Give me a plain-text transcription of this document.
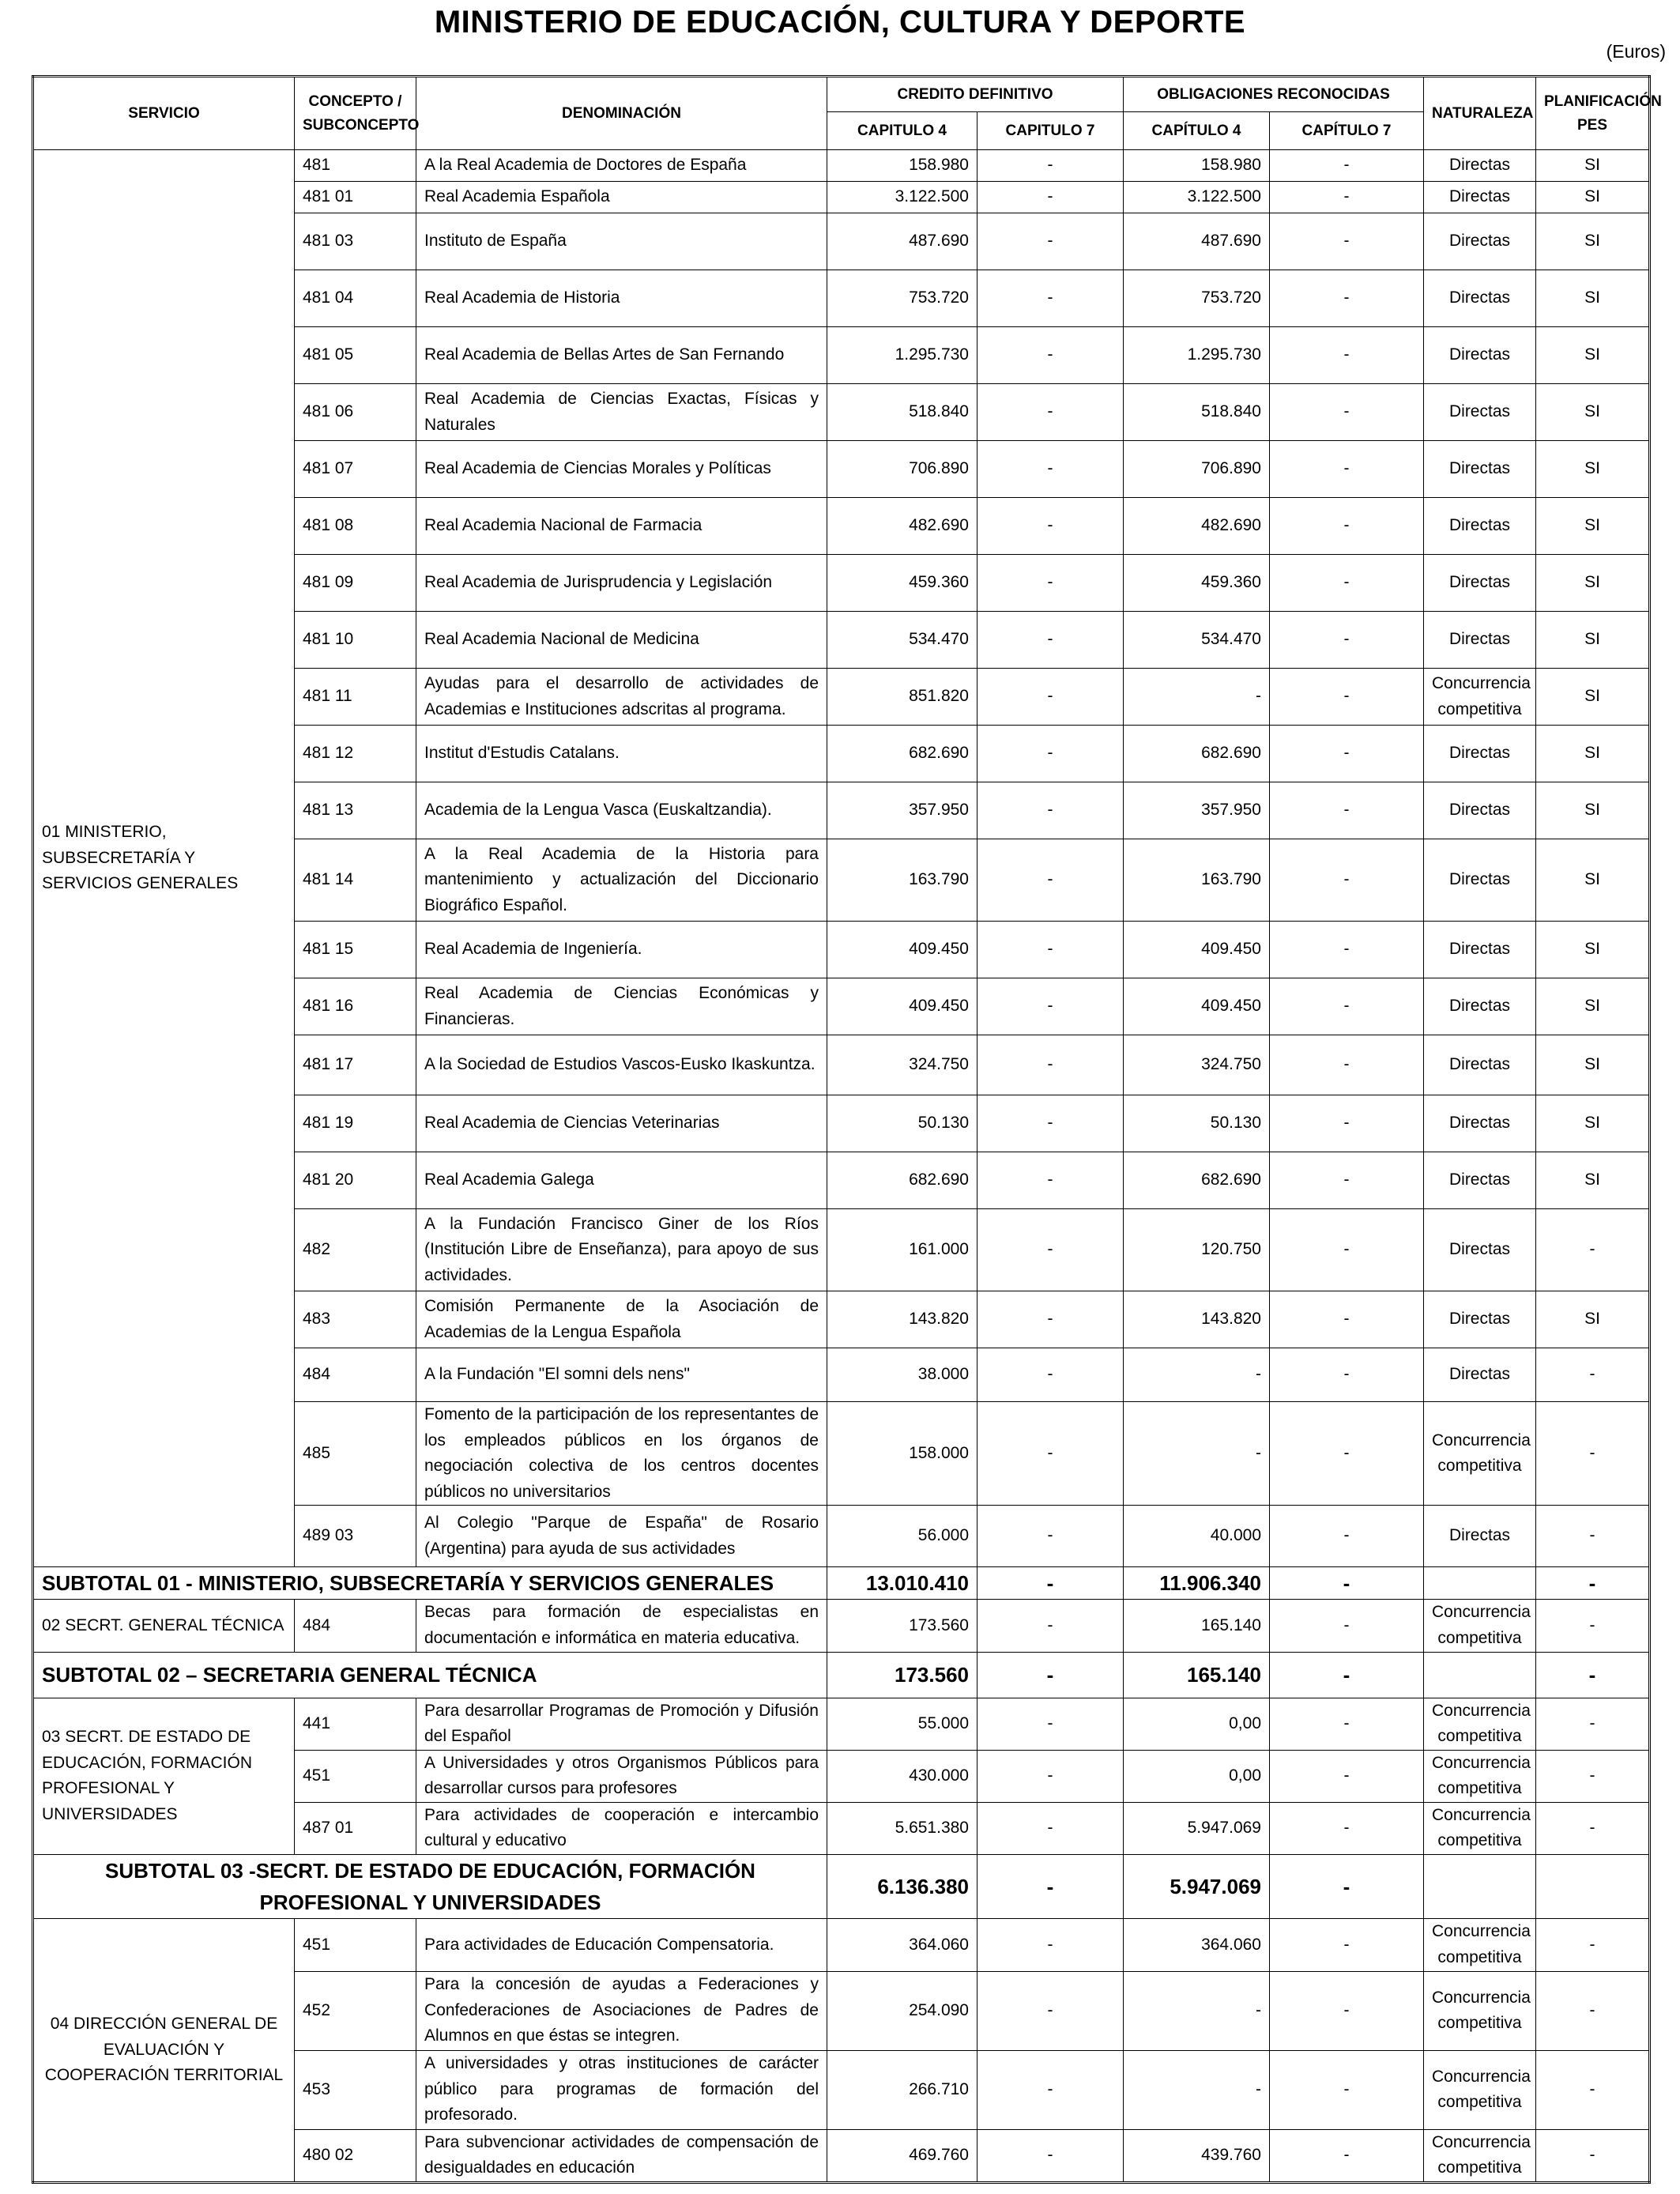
MINISTERIO DE EDUCACIÓN, CULTURA Y DEPORTE
(Euros)
SERVICIO	CONCEPTO / SUBCONCEPTO	DENOMINACIÓN	CREDITO DEFINITIVO		OBLIGACIONES RECONOCIDAS		NATURALEZA	PLANIFICACIÓN PES
			CAPITULO 4	CAPITULO 7	CAPÍTULO 4	CAPÍTULO 7		
01 MINISTERIO, SUBSECRETARÍA Y SERVICIOS GENERALES	481	A la Real Academia de Doctores de España	158.980	-	158.980	-	Directas	SI
	481 01	Real Academia Española	3.122.500	-	3.122.500	-	Directas	SI
	481 03	Instituto de España	487.690	-	487.690	-	Directas	SI
	481 04	Real Academia de Historia	753.720	-	753.720	-	Directas	SI
	481 05	Real Academia de Bellas Artes de San Fernando	1.295.730	-	1.295.730	-	Directas	SI
	481 06	Real Academia de Ciencias Exactas, Físicas y Naturales	518.840	-	518.840	-	Directas	SI
	481 07	Real Academia de Ciencias Morales y Políticas	706.890	-	706.890	-	Directas	SI
	481 08	Real Academia Nacional de Farmacia	482.690	-	482.690	-	Directas	SI
	481 09	Real Academia de Jurisprudencia y Legislación	459.360	-	459.360	-	Directas	SI
	481 10	Real Academia Nacional de Medicina	534.470	-	534.470	-	Directas	SI
	481 11	Ayudas para el desarrollo de actividades de Academias e Instituciones adscritas al programa.	851.820	-	-	-	Concurrencia competitiva	SI
	481 12	Institut d'Estudis Catalans.	682.690	-	682.690	-	Directas	SI
	481 13	Academia de la Lengua Vasca (Euskaltzandia).	357.950	-	357.950	-	Directas	SI
	481 14	A la Real Academia de la Historia para mantenimiento y actualización del Diccionario Biográfico Español.	163.790	-	163.790	-	Directas	SI
	481 15	Real Academia de Ingeniería.	409.450	-	409.450	-	Directas	SI
	481 16	Real Academia de Ciencias Económicas y Financieras.	409.450	-	409.450	-	Directas	SI
	481 17	A la Sociedad de Estudios Vascos-Eusko Ikaskuntza.	324.750	-	324.750	-	Directas	SI
	481 19	Real Academia de Ciencias Veterinarias	50.130	-	50.130	-	Directas	SI
	481 20	Real Academia Galega	682.690	-	682.690	-	Directas	SI
	482	A la Fundación Francisco Giner de los Ríos (Institución Libre de Enseñanza), para apoyo de sus actividades.	161.000	-	120.750	-	Directas	-
	483	Comisión Permanente de la Asociación de Academias de la Lengua Española	143.820	-	143.820	-	Directas	SI
	484	A la Fundación "El somni dels nens"	38.000	-	-	-	Directas	-
	485	Fomento de la participación de los representantes de los empleados públicos en los órganos de negociación colectiva de los centros docentes públicos no universitarios	158.000	-	-	-	Concurrencia competitiva	-
	489 03	Al Colegio "Parque de España" de Rosario (Argentina) para ayuda de sus actividades	56.000	-	40.000	-	Directas	-
SUBTOTAL 01 - MINISTERIO, SUBSECRETARÍA Y SERVICIOS GENERALES			13.010.410	-	11.906.340	-		-
02 SECRT. GENERAL TÉCNICA	484	Becas para formación de especialistas en documentación e informática en materia educativa.	173.560	-	165.140	-	Concurrencia competitiva	-
SUBTOTAL 02 – SECRETARIA GENERAL TÉCNICA			173.560	-	165.140	-		-
03 SECRT. DE ESTADO DE EDUCACIÓN, FORMACIÓN PROFESIONAL Y UNIVERSIDADES	441	Para desarrollar Programas de Promoción y Difusión del Español	55.000	-	0,00	-	Concurrencia competitiva	-
	451	A Universidades y otros Organismos Públicos para desarrollar cursos para profesores	430.000	-	0,00	-	Concurrencia competitiva	-
	487 01	Para actividades de cooperación e intercambio cultural y educativo	5.651.380	-	5.947.069	-	Concurrencia competitiva	-
SUBTOTAL 03 -SECRT. DE ESTADO DE EDUCACIÓN, FORMACIÓN PROFESIONAL Y UNIVERSIDADES			6.136.380	-	5.947.069	-		
04 DIRECCIÓN GENERAL DE EVALUACIÓN Y COOPERACIÓN TERRITORIAL	451	Para actividades de Educación Compensatoria.	364.060	-	364.060	-	Concurrencia competitiva	-
	452	Para la concesión de ayudas a Federaciones y Confederaciones de Asociaciones de Padres de Alumnos en que éstas se integren.	254.090	-	-	-	Concurrencia competitiva	-
	453	A universidades y otras instituciones de carácter público para programas de formación del profesorado.	266.710	-	-	-	Concurrencia competitiva	-
	480 02	Para subvencionar actividades de compensación de desigualdades en educación	469.760	-	439.760	-	Concurrencia competitiva	-
